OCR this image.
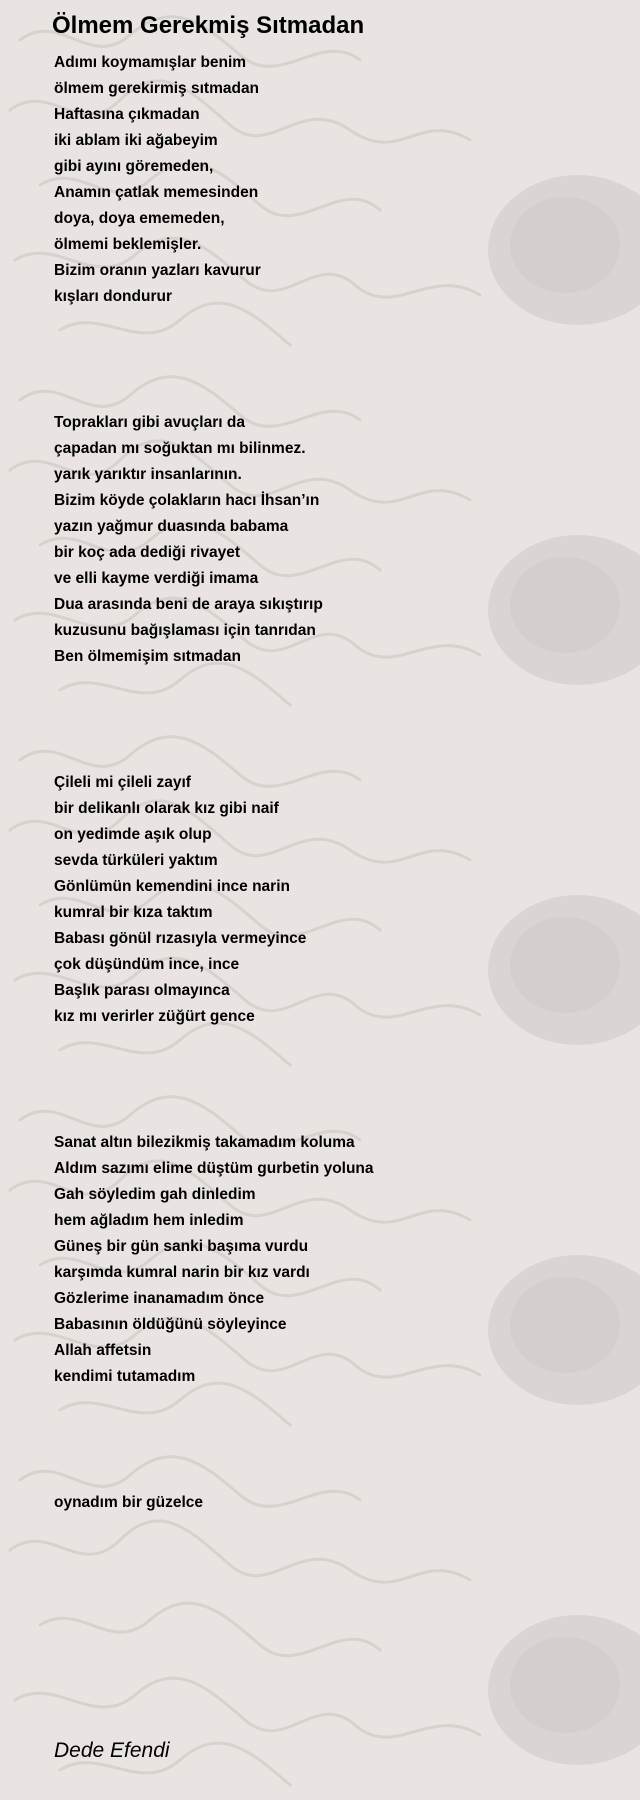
Ölmem Gerekmiş Sıtmadan
Adımı koymamışlar benim
ölmem gerekirmiş sıtmadan
Haftasına çıkmadan
iki ablam iki ağabeyim
gibi ayını göremeden,
Anamın çatlak memesinden
doya, doya ememeden,
ölmemi beklemişler.
Bizim oranın yazları kavurur
kışları dondurur
Toprakları gibi avuçları da
çapadan mı soğuktan mı bilinmez.
yarık yarıktır insanlarının.
Bizim köyde çolakların hacı İhsan’ın
yazın yağmur duasında babama
bir koç ada dediği rivayet
ve elli kayme verdiği imama
Dua arasında beni de araya sıkıştırıp
kuzusunu bağışlaması için tanrıdan
Ben ölmemişim sıtmadan
Çileli mi çileli zayıf
bir delikanlı olarak kız gibi naif
on yedimde aşık olup
sevda türküleri yaktım
Gönlümün kemendini ince narin
kumral bir kıza taktım
Babası gönül rızasıyla vermeyince
çok düşündüm ince, ince
Başlık parası olmayınca
kız mı verirler züğürt gence
Sanat altın bilezikmiş takamadım koluma
Aldım sazımı elime düştüm gurbetin yoluna
Gah söyledim gah dinledim
hem ağladım hem inledim
Güneş bir gün sanki başıma vurdu
karşımda kumral narin bir kız vardı
Gözlerime inanamadım önce
Babasının öldüğünü söyleyince
Allah affetsin
kendimi tutamadım
oynadım bir güzelce
Dede Efendi
